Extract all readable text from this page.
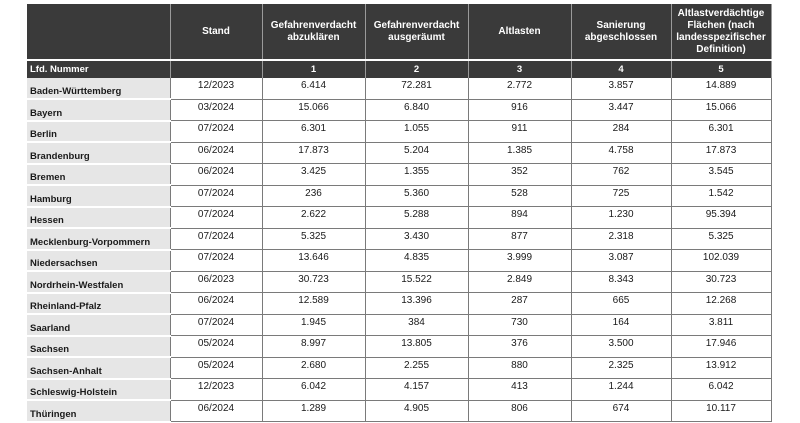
	Stand	Gefahrenverdacht abzuklären	Gefahrenverdacht ausgeräumt	Altlasten	Sanierung abgeschlossen	Altlastverdächtige Flächen (nach landesspezifischer Definition)
Lfd. Nummer		1	2	3	4	5
Baden-Württemberg	12/2023	6.414	72.281	2.772	3.857	14.889
Bayern	03/2024	15.066	6.840	916	3.447	15.066
Berlin	07/2024	6.301	1.055	911	284	6.301
Brandenburg	06/2024	17.873	5.204	1.385	4.758	17.873
Bremen	06/2024	3.425	1.355	352	762	3.545
Hamburg	07/2024	236	5.360	528	725	1.542
Hessen	07/2024	2.622	5.288	894	1.230	95.394
Mecklenburg-Vorpommern	07/2024	5.325	3.430	877	2.318	5.325
Niedersachsen	07/2024	13.646	4.835	3.999	3.087	102.039
Nordrhein-Westfalen	06/2023	30.723	15.522	2.849	8.343	30.723
Rheinland-Pfalz	06/2024	12.589	13.396	287	665	12.268
Saarland	07/2024	1.945	384	730	164	3.811
Sachsen	05/2024	8.997	13.805	376	3.500	17.946
Sachsen-Anhalt	05/2024	2.680	2.255	880	2.325	13.912
Schleswig-Holstein	12/2023	6.042	4.157	413	1.244	6.042
Thüringen	06/2024	1.289	4.905	806	674	10.117
